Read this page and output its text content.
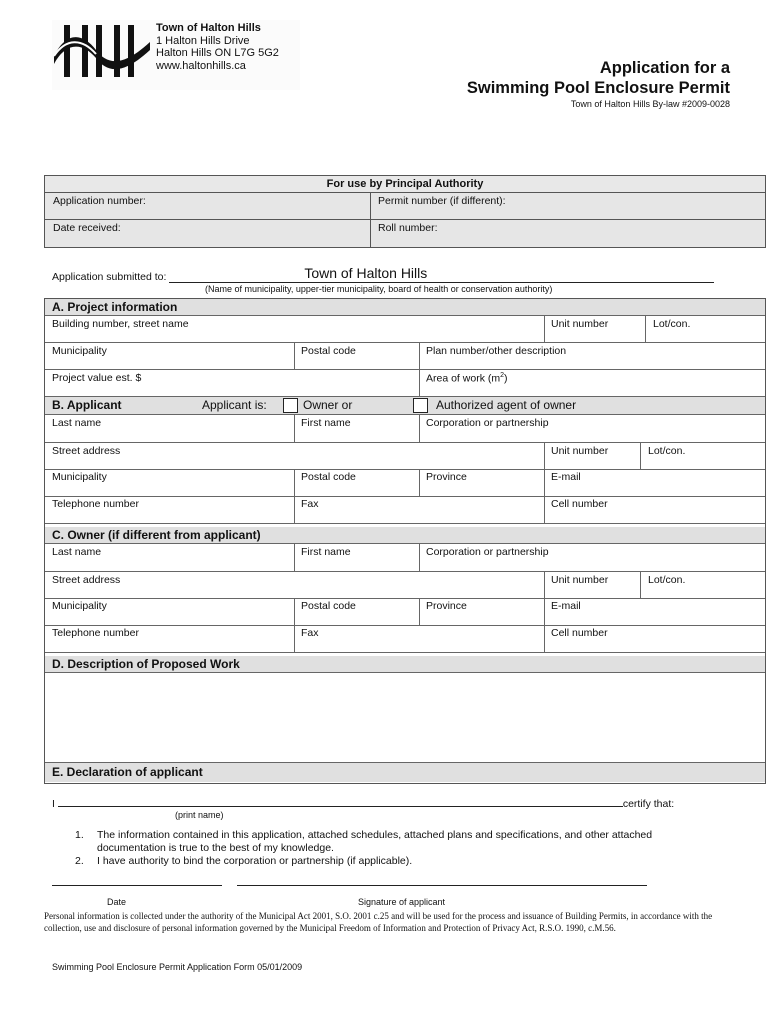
Town of Halton Hills
1 Halton Hills Drive
Halton Hills ON L7G 5G2
www.haltonhills.ca	Application for a
Swimming Pool Enclosure Permit
Town of Halton Hills By-law #2009-0028
For use by Principal Authority
Application number:	Permit number (if different):
Date received:	Roll number:
Application submitted to:	Town of Halton Hills
(Name of municipality, upper-tier municipality, board of health or conservation authority)
A. Project information
Building number, street name	Unit number	Lot/con.
Municipality	Postal code	Plan number/other description
Project value est. $	Area of work $(m^2)$
B. Applicant	Applicant is:	Owner or	Authorized agent of owner
Last name	First name	Corporation or partnership
Street address	Unit number	Lot/con.
Municipality	Postal code	Province	E-mail
Telephone number	Fax	Cell number
C. Owner (if different from applicant)
Last name	First name	Corporation or partnership
Street address	Unit number	Lot/con.
Municipality	Postal code	Province	E-mail
Telephone number	Fax	Cell number
D. Description of Proposed Work
E. Declaration of applicant
I	certify that:
(print name)
1. The information contained in this application, attached schedules, attached plans and specifications, and other attached
documentation is true to the best of my knowledge.
2. I have authority to bind the corporation or partnership (if applicable).
Date	Signature of applicant
Personal information is collected under the authority of the Municipal Act 2001, S.O. 2001 c.25 and will be used for the process and issuance of Building Permits, in accordance with the collection, use and disclosure of personal information governed by the Municipal Freedom of Information and Protection of Privacy Act, R.S.O. 1990, c.M.56.
Swimming Pool Enclosure Permit Application Form 05/01/2009
